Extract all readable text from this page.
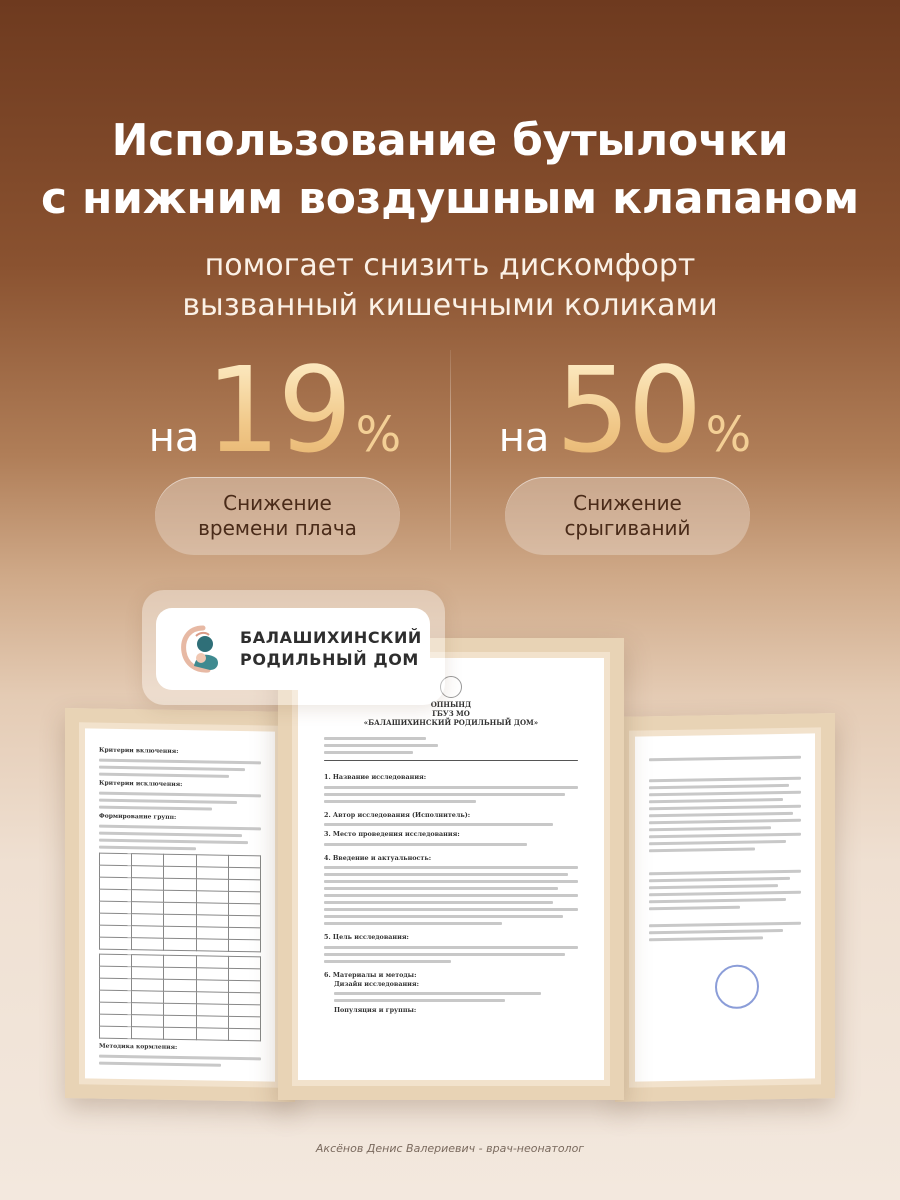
Использование бутылочки
с нижним воздушным клапаном
помогает снизить дискомфорт
вызванный кишечными коликами
на 19 % на 50 %
Снижение
времени плача
Снижение
срыгиваний
Критерии включения:
Критерии исключения:
Формирование групп:

Методика кормления:
ОПНЫНД
ГБУЗ МО
«БАЛАШИХИНСКИЙ РОДИЛЬНЫЙ ДОМ»
1. Название исследования:
2. Автор исследования (Исполнитель):
3. Место проведения исследования:
4. Введение и актуальность:
5. Цель исследования:
6. Материалы и методы:
Дизайн исследования:
Популяция и группы:
БАЛАШИХИНСКИЙ
РОДИЛЬНЫЙ ДОМ
Аксёнов Денис Валериевич - врач-неонатолог
